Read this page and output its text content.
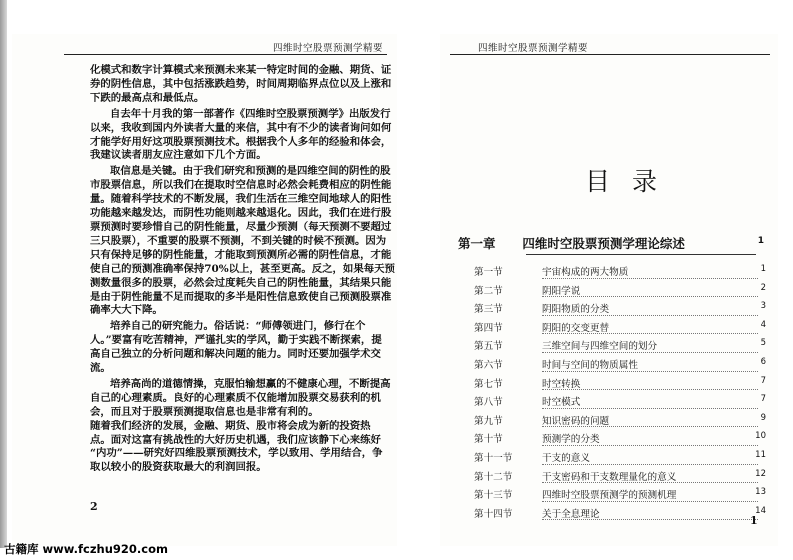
四维时空股票预测学精要

化模式和数字计算模式来预测未来某一特定时间的金融、期货、证
券的阴性信息，其中包括涨跌趋势，时间周期临界点位以及上涨和
下跌的最高点和最低点。

自去年十月我的第一部著作《四维时空股票预测学》出版发行
以来，我收到国内外读者大量的来信，其中有不少的读者询问如何
才能学好用好这项股票预测技术。根据我个人多年的经验和体会，
我建议读者朋友应注意如下几个方面。

取信息是关键。由于我们研究和预测的是四维空间的阴性的股
市股票信息，所以我们在提取时空信息时必然会耗费相应的阴性能
量。随着科学技术的不断发展，我们生活在三维空间地球人的阳性
功能越来越发达，而阴性功能则越来越退化。因此，我们在进行股
票预测时要珍惜自己的阴性能量，尽量少预测（每天预测不要超过
三只股票），不重要的股票不预测，不到关键的时候不预测。因为
只有保持足够的阴性能量，才能取到预测所必需的阴性信息，才能
使自己的预测准确率保持70%以上，甚至更高。反之，如果每天预
测数量很多的股票，必然会过度耗失自己的阴性能量，其结果只能
是由于阴性能量不足而提取的多半是阳性信息致使自己预测股票准
确率大大下降。

培养自己的研究能力。俗话说：“师傅领进门，修行在个
人。”要富有吃苦精神，严谨扎实的学风，勤于实践不断探索，提
高自己独立的分析问题和解决问题的能力。同时还要加强学术交
流。

培养高尚的道德情操，克服怕输想赢的不健康心理，不断提高
自己的心理素质。良好的心理素质不仅能增加股票交易获利的机
会，而且对于股票预测提取信息也是非常有利的。
随着我们经济的发展，金融、期货、股市将会成为新的投资热
点。面对这富有挑战性的大好历史机遇，我们应该静下心来练好
“内功”——研究好四维股票预测技术，学以致用、学用结合，争
取以较小的股资获取最大的利润回报。

2
四维时空股票预测学精要
目录
第一章 四维时空股票预测学理论综述	1
第一节	宇宙构成的两大物质	1
第二节	阴阳学说	2
第三节	阴阳物质的分类	3
第四节	阴阳的交变更替	4
第五节	三维空间与四维空间的划分	5
第六节	时间与空间的物质属性	6
第七节	时空转换	7
第八节	时空模式	7
第九节	知识密码的问题	9
第十节	预测学的分类	10
第十一节	干支的意义	11
第十二节	干支密码和干支数理量化的意义	12
第十三节	四维时空股票预测学的预测机理	13
第十四节	关于全息理论	14
1
古籍库 www.fczhu920.com
